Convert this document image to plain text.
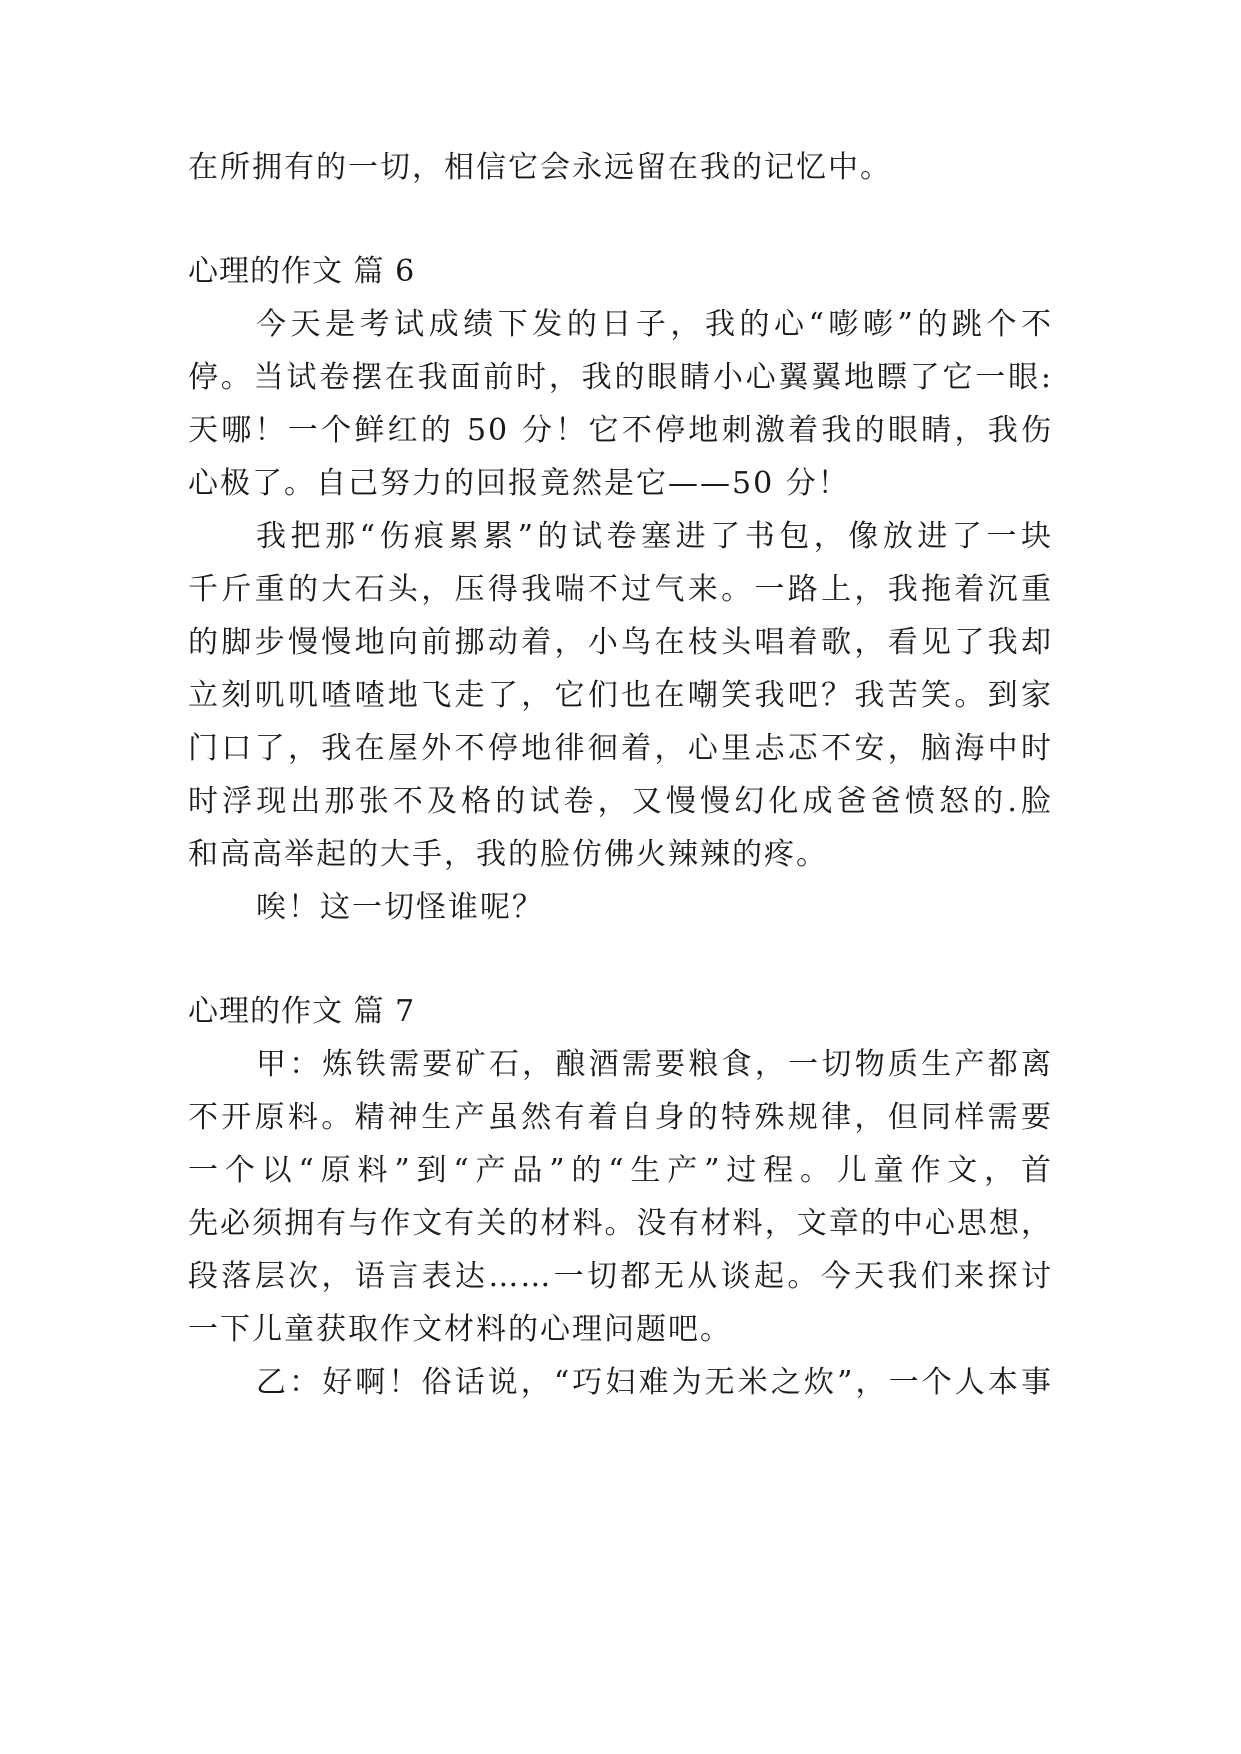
在所拥有的一切，相信它会永远留在我的记忆中。
心理的作文 篇 6
今天是考试成绩下发的日子，我的心“嘭嘭”的跳个不
停。当试卷摆在我面前时，我的眼睛小心翼翼地瞟了它一眼:
天哪！一个鲜红的 50 分！它不停地刺激着我的眼睛，我伤
心极了。自己努力的回报竟然是它——50 分！
我把那“伤痕累累”的试卷塞进了书包，像放进了一块
千斤重的大石头，压得我喘不过气来。一路上，我拖着沉重
的脚步慢慢地向前挪动着，小鸟在枝头唱着歌，看见了我却
立刻叽叽喳喳地飞走了，它们也在嘲笑我吧？我苦笑。到家
门口了，我在屋外不停地徘徊着，心里忐忑不安，脑海中时
时浮现出那张不及格的试卷，又慢慢幻化成爸爸愤怒的.脸
和高高举起的大手，我的脸仿佛火辣辣的疼。
唉！这一切怪谁呢？
心理的作文 篇 7
甲：炼铁需要矿石，酿酒需要粮食，一切物质生产都离
不开原料。精神生产虽然有着自身的特殊规律，但同样需要
一个以“原料”到“产品”的“生产”过程。儿童作文，首
先必须拥有与作文有关的材料。没有材料，文章的中心思想，
段落层次，语言表达……一切都无从谈起。今天我们来探讨
一下儿童获取作文材料的心理问题吧。
乙：好啊！俗话说，“巧妇难为无米之炊”，一个人本事
